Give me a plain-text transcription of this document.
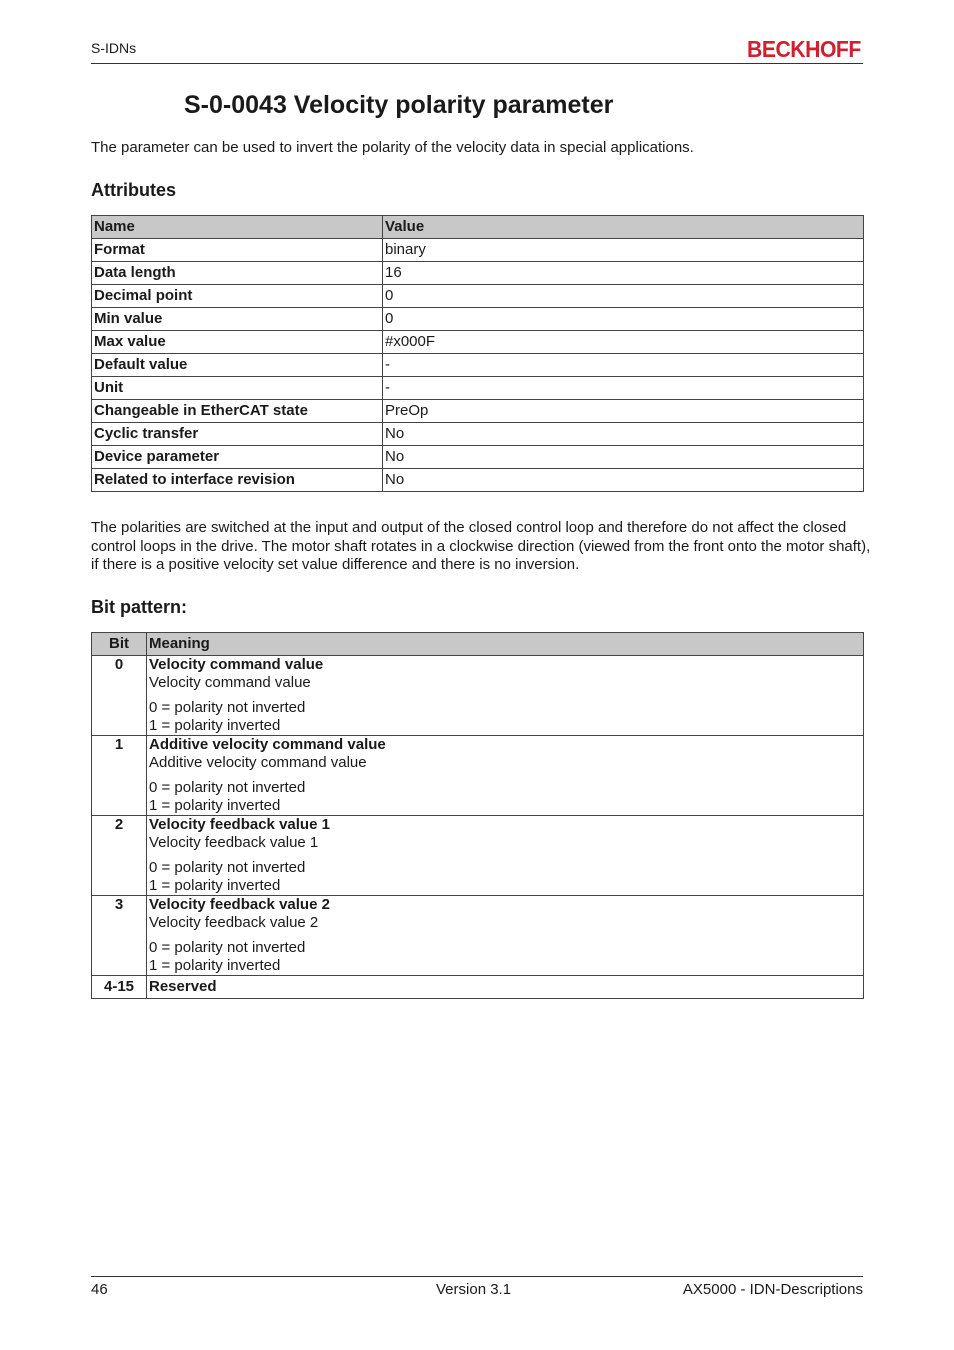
S-IDNs	BECKHOFF
S-0-0043 Velocity polarity parameter
The parameter can be used to invert the polarity of the velocity data in special applications.
Attributes
Name	Value
Format	binary
Data length	16
Decimal point	0
Min value	0
Max value	#x000F
Default value	-
Unit	-
Changeable in EtherCAT state	PreOp
Cyclic transfer	No
Device parameter	No
Related to interface revision	No
The polarities are switched at the input and output of the closed control loop and therefore do not affect the closed control loops in the drive. The motor shaft rotates in a clockwise direction (viewed from the front onto the motor shaft), if there is a positive velocity set value difference and there is no inversion.
Bit pattern:
Bit	Meaning
0	Velocity command value
Velocity command value
0 = polarity not inverted
1 = polarity inverted

1	Additive velocity command value
Additive velocity command value
0 = polarity not inverted
1 = polarity inverted

2	Velocity feedback value 1
Velocity feedback value 1
0 = polarity not inverted
1 = polarity inverted

3	Velocity feedback value 2
Velocity feedback value 2
0 = polarity not inverted
1 = polarity inverted

4-15	Reserved
46	Version 3.1	AX5000 - IDN-Descriptions
